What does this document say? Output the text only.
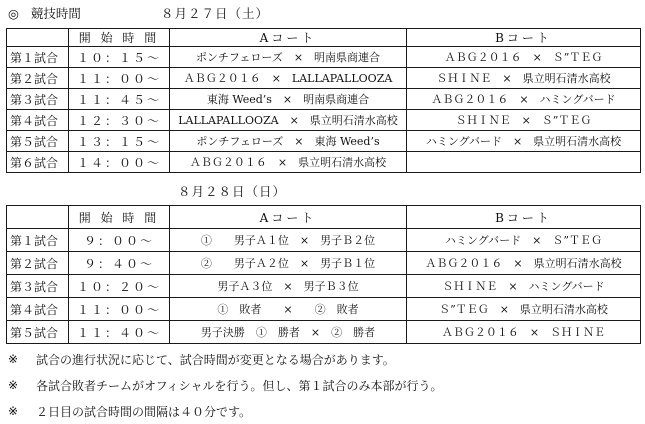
◎ 競技時間	８月２７日（土）
	開 始 時 間	Aコート	Bコート
第１試合	１０：１５〜	ポンチフェローズ　×　明南県商連合	ＡＢＧ２０１６　×　Ｓ”ＴＥＧ
第２試合	１１：００〜	ＡＢＧ２０１６　×　LALLAPALLOOZA	ＳＨＩＮＥ　×　県立明石清水高校
第３試合	１１：４５〜	東海 Weed’s　×　明南県商連合	ＡＢＧ２０１６　×　ハミングバード
第４試合	１２：３０〜	LALLAPALLOOZA　×　県立明石清水高校	ＳＨＩＮＥ　×　Ｓ”ＴＥＧ
第５試合	１３：１５〜	ポンチフェローズ　×　東海 Weed’s	ハミングバード　×　県立明石清水高校
第６試合	１４：００〜	ＡＢＧ２０１６　×　県立明石清水高校	
８月２８日（日）
	開 始 時 間	Aコート	Bコート
第１試合	９：００〜	①　　男子Ａ１位　×　男子Ｂ２位	ハミングバード　×　Ｓ”ＴＥＧ
第２試合	９：４０〜	②　　男子Ａ２位　×　男子Ｂ１位	ＡＢＧ２０１６　×　県立明石清水高校
第３試合	１０：２０〜	男子Ａ３位　×　男子Ｂ３位	ＳＨＩＮＥ　×　ハミングバード
第４試合	１１：００〜	①　敗者　　×　　②　敗者	Ｓ”ＴＥＧ　×　県立明石清水高校
第５試合	１１：４０〜	男子決勝　①　勝者　×　②　勝者	ＡＢＧ２０１６　×　ＳＨＩＮＥ
※	試合の進行状況に応じて、試合時間が変更となる場合があります。
※	各試合敗者チームがオフィシャルを行う。但し、第１試合のみ本部が行う。
※	２日目の試合時間の間隔は４０分です。
